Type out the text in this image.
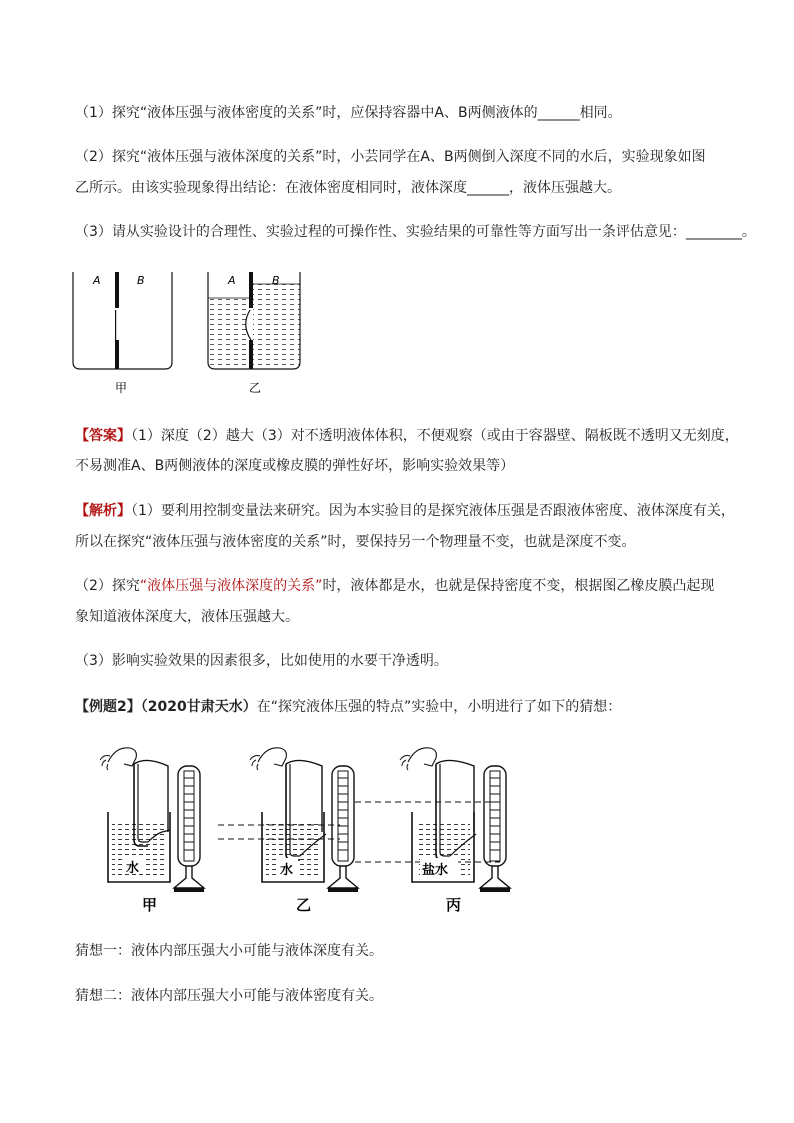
（1）探究“液体压强与液体密度的关系”时，应保持容器中A、B两侧液体的______相同。
（2）探究“液体压强与液体深度的关系”时，小芸同学在A、B两侧倒入深度不同的水后，实验现象如图
乙所示。由该实验现象得出结论：在液体密度相同时，液体深度______，液体压强越大。
（3）请从实验设计的合理性、实验过程的可操作性、实验结果的可靠性等方面写出一条评估意见：________。
A	B
甲
A	B
乙
【答案】（1）深度（2）越大（3）对不透明液体体积，不便观察（或由于容器壁、隔板既不透明又无刻度，
不易测准A、B两侧液体的深度或橡皮膜的弹性好坏，影响实验效果等）
【解析】（1）要利用控制变量法来研究。因为本实验目的是探究液体压强是否跟液体密度、液体深度有关，
所以在探究“液体压强与液体密度的关系”时，要保持另一个物理量不变，也就是深度不变。
（2）探究“液体压强与液体深度的关系”时，液体都是水，也就是保持密度不变，根据图乙橡皮膜凸起现
象知道液体深度大，液体压强越大。
（3）影响实验效果的因素很多，比如使用的水要干净透明。
【例题2】（2020甘肃天水）在“探究液体压强的特点”实验中，小明进行了如下的猜想：
水
甲
水
乙
盐水
丙
猜想一：液体内部压强大小可能与液体深度有关。
猜想二：液体内部压强大小可能与液体密度有关。
